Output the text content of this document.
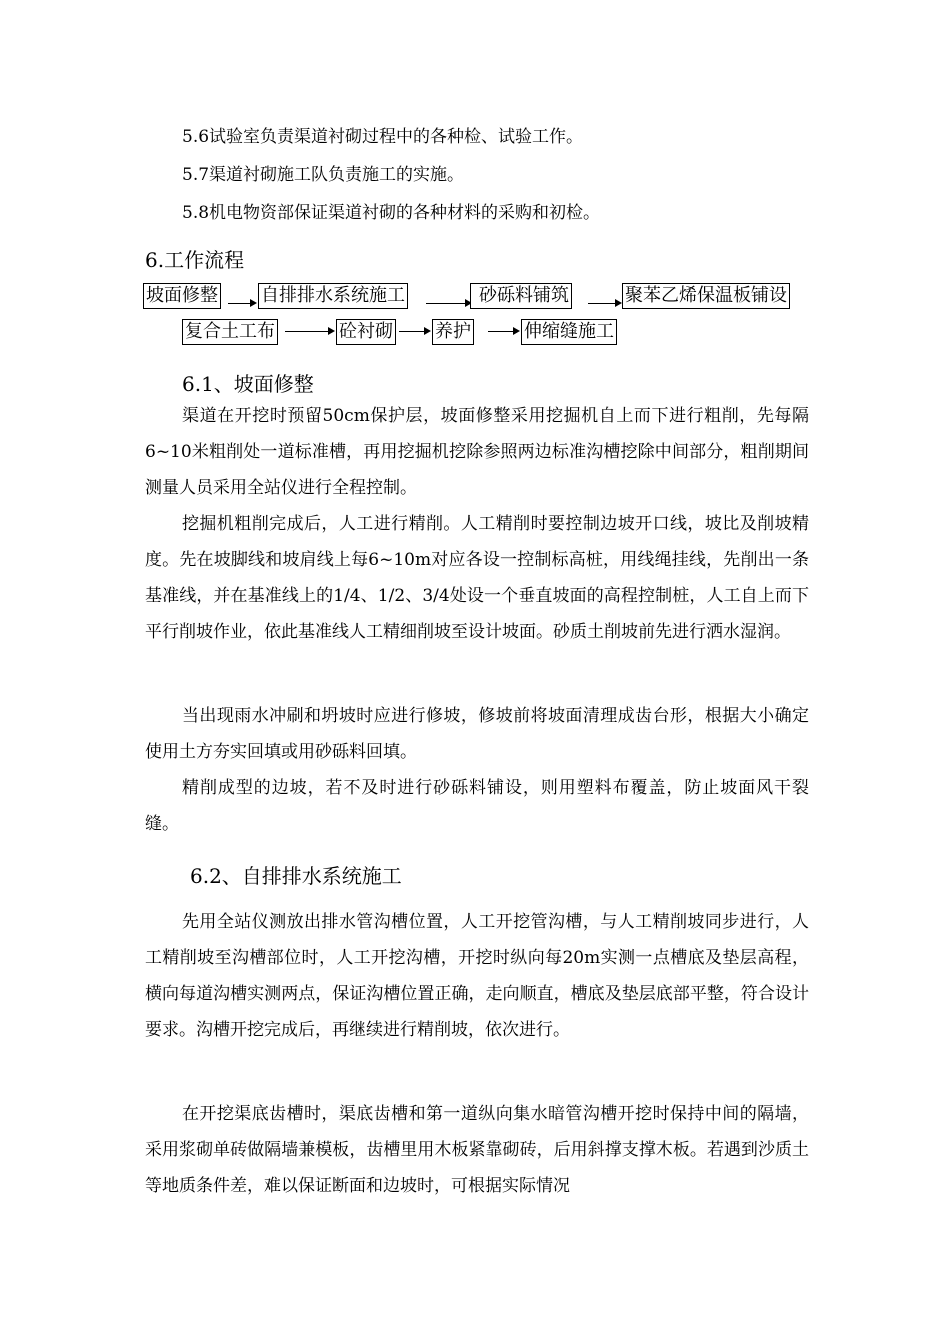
5.6试验室负责渠道衬砌过程中的各种检、试验工作。
5.7渠道衬砌施工队负责施工的实施。
5.8机电物资部保证渠道衬砌的各种材料的采购和初检。
6.工作流程
坡面修整 自排排水系统施工	砂砾料铺筑	聚苯乙烯保温板铺设
复合土工布	砼衬砌 养护	伸缩缝施工
6.1、坡面修整

渠道在开挖时预留50cm保护层，坡面修整采用挖掘机自上而下进行粗削，先每隔6~10米粗削处一道标准槽，再用挖掘机挖除参照两边标准沟槽挖除中间部分，粗削期间测量人员采用全站仪进行全程控制。

挖掘机粗削完成后，人工进行精削。人工精削时要控制边坡开口线，坡比及削坡精度。先在坡脚线和坡肩线上每6~10m对应各设一控制标高桩，用线绳挂线，先削出一条基准线，并在基准线上的1/4、1/2、3/4处设一个垂直坡面的高程控制桩，人工自上而下平行削坡作业，依此基准线人工精细削坡至设计坡面。砂质土削坡前先进行洒水湿润。

当出现雨水冲刷和坍坡时应进行修坡，修坡前将坡面清理成齿台形，根据大小确定使用土方夯实回填或用砂砾料回填。

精削成型的边坡，若不及时进行砂砾料铺设，则用塑料布覆盖，防止坡面风干裂缝。

6.2、自排排水系统施工

先用全站仪测放出排水管沟槽位置，人工开挖管沟槽，与人工精削坡同步进行，人工精削坡至沟槽部位时，人工开挖沟槽，开挖时纵向每20m实测一点槽底及垫层高程，横向每道沟槽实测两点，保证沟槽位置正确，走向顺直，槽底及垫层底部平整，符合设计要求。沟槽开挖完成后，再继续进行精削坡，依次进行。

在开挖渠底齿槽时，渠底齿槽和第一道纵向集水暗管沟槽开挖时保持中间的隔墙，采用浆砌单砖做隔墙兼模板，齿槽里用木板紧靠砌砖，后用斜撑支撑木板。若遇到沙质土等地质条件差，难以保证断面和边坡时，可根据实际情况
